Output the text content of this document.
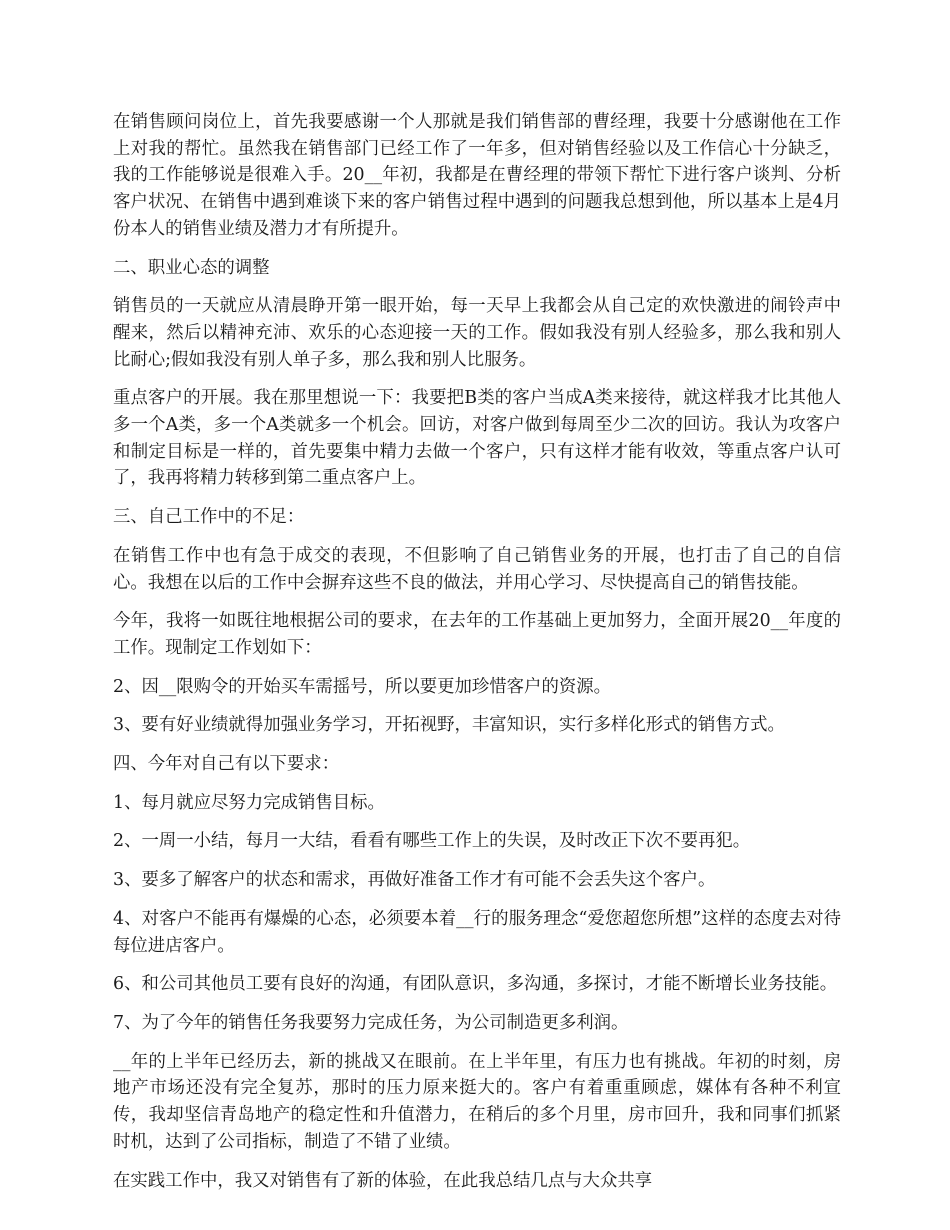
在销售顾问岗位上，首先我要感谢一个人那就是我们销售部的曹经理，我要十分感谢他在工作上对我的帮忙。虽然我在销售部门已经工作了一年多，但对销售经验以及工作信心十分缺乏，我的工作能够说是很难入手。20__年初，我都是在曹经理的带领下帮忙下进行客户谈判、分析客户状况、在销售中遇到难谈下来的客户销售过程中遇到的问题我总想到他，所以基本上是4月份本人的销售业绩及潜力才有所提升。

二、职业心态的调整

销售员的一天就应从清晨睁开第一眼开始，每一天早上我都会从自己定的欢快激进的闹铃声中醒来，然后以精神充沛、欢乐的心态迎接一天的工作。假如我没有别人经验多，那么我和别人比耐心;假如我没有别人单子多，那么我和别人比服务。

重点客户的开展。我在那里想说一下：我要把B类的客户当成A类来接待，就这样我才比其他人多一个A类，多一个A类就多一个机会。回访，对客户做到每周至少二次的回访。我认为攻客户和制定目标是一样的，首先要集中精力去做一个客户，只有这样才能有收效，等重点客户认可了，我再将精力转移到第二重点客户上。

三、自己工作中的不足：

在销售工作中也有急于成交的表现，不但影响了自己销售业务的开展，也打击了自己的自信心。我想在以后的工作中会摒弃这些不良的做法，并用心学习、尽快提高自己的销售技能。

今年，我将一如既往地根据公司的要求，在去年的工作基础上更加努力，全面开展20__年度的工作。现制定工作划如下：

2、因__限购令的开始买车需摇号，所以要更加珍惜客户的资源。

3、要有好业绩就得加强业务学习，开拓视野，丰富知识，实行多样化形式的销售方式。

四、今年对自己有以下要求：

1、每月就应尽努力完成销售目标。

2、一周一小结，每月一大结，看看有哪些工作上的失误，及时改正下次不要再犯。

3、要多了解客户的状态和需求，再做好准备工作才有可能不会丢失这个客户。

4、对客户不能再有爆燥的心态，必须要本着__行的服务理念“爱您超您所想”这样的态度去对待每位进店客户。

6、和公司其他员工要有良好的沟通，有团队意识，多沟通，多探讨，才能不断增长业务技能。

7、为了今年的销售任务我要努力完成任务，为公司制造更多利润。

__年的上半年已经历去，新的挑战又在眼前。在上半年里，有压力也有挑战。年初的时刻，房地产市场还没有完全复苏，那时的压力原来挺大的。客户有着重重顾虑，媒体有各种不利宣传，我却坚信青岛地产的稳定性和升值潜力，在稍后的多个月里，房市回升，我和同事们抓紧时机，达到了公司指标，制造了不错了业绩。

在实践工作中，我又对销售有了新的体验，在此我总结几点与大众共享
